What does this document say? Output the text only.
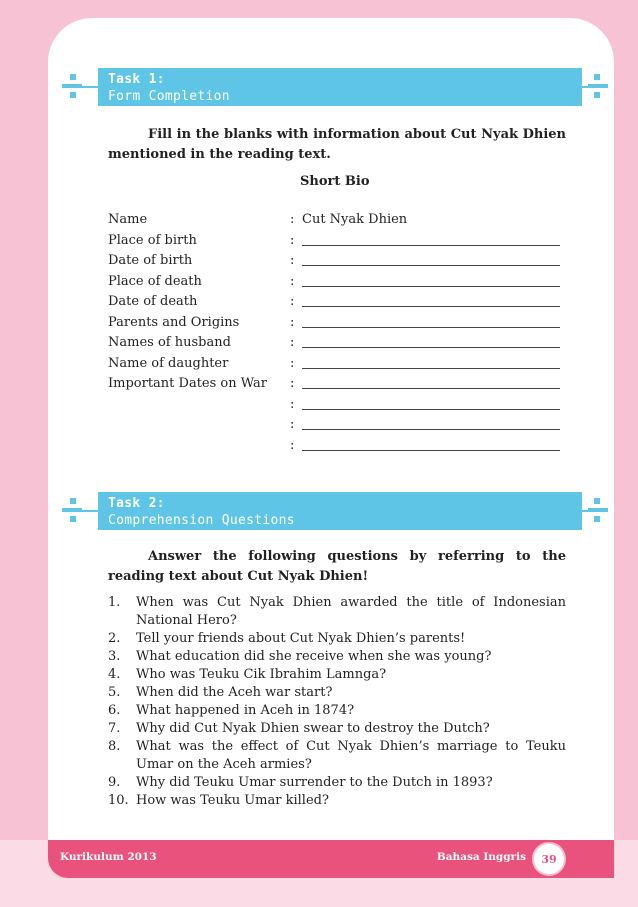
Task 1:
Form Completion
Fill in the blanks with information about Cut Nyak Dhien mentioned in the reading text.
Short Bio
Name	: Cut Nyak Dhien
Place of birth	:
Date of birth	:
Place of death	:
Date of death	:
Parents and Origins	:
Names of husband	:
Name of daughter	:
Important Dates on War :
:
:
:
Task 2:
Comprehension Questions
Answer the following questions by referring to the reading text about Cut Nyak Dhien!
1. When was Cut Nyak Dhien awarded the title of Indonesian National Hero?
2. Tell your friends about Cut Nyak Dhien’s parents!
3. What education did she receive when she was young?
4. Who was Teuku Cik Ibrahim Lamnga?
5. When did the Aceh war start?
6. What happened in Aceh in 1874?
7. Why did Cut Nyak Dhien swear to destroy the Dutch?
8. What was the effect of Cut Nyak Dhien’s marriage to Teuku Umar on the Aceh armies?
9. Why did Teuku Umar surrender to the Dutch in 1893?
10. How was Teuku Umar killed?
Kurikulum 2013	Bahasa Inggris	39
